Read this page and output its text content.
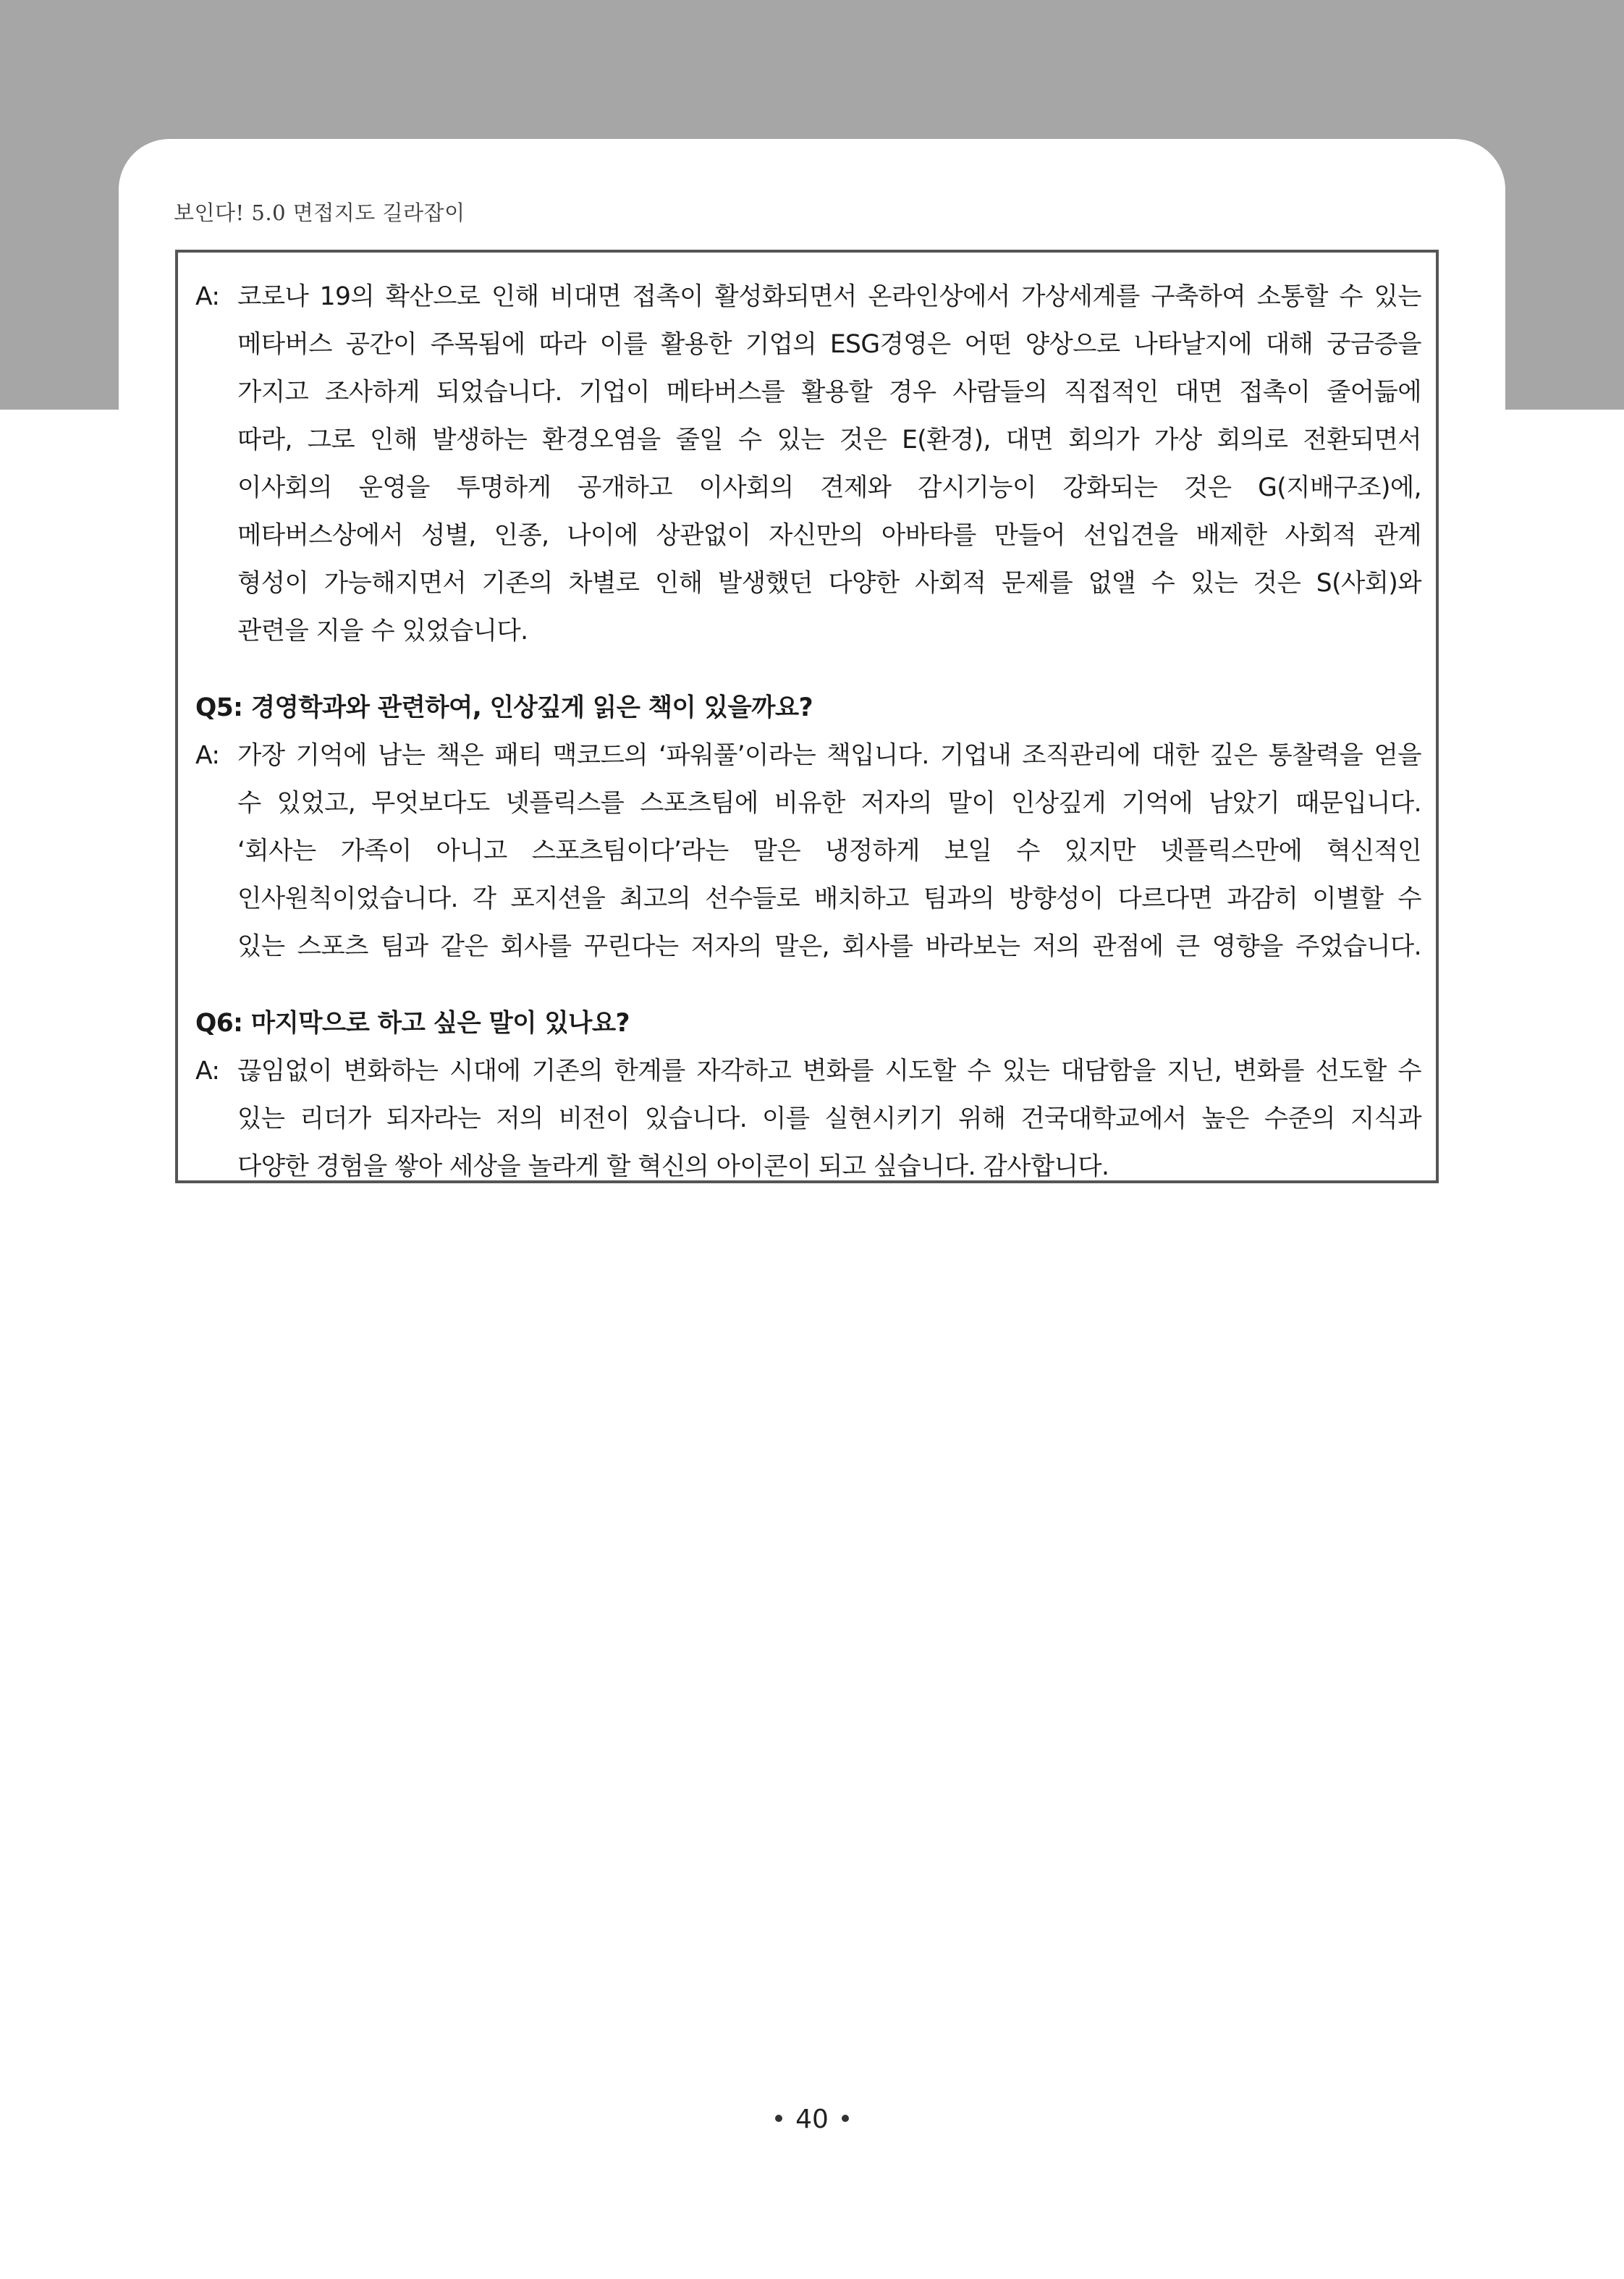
보인다! 5.0 면접지도 길라잡이
A: 코로나 19의 확산으로 인해 비대면 접촉이 활성화되면서 온라인상에서 가상세계를 구축하여 소통할 수 있는
메타버스 공간이 주목됨에 따라 이를 활용한 기업의 ESG경영은 어떤 양상으로 나타날지에 대해 궁금증을
가지고 조사하게 되었습니다. 기업이 메타버스를 활용할 경우 사람들의 직접적인 대면 접촉이 줄어듦에
따라, 그로 인해 발생하는 환경오염을 줄일 수 있는 것은 E(환경), 대면 회의가 가상 회의로 전환되면서
이사회의 운영을 투명하게 공개하고 이사회의 견제와 감시기능이 강화되는 것은 G(지배구조)에,
메타버스상에서 성별, 인종, 나이에 상관없이 자신만의 아바타를 만들어 선입견을 배제한 사회적 관계
형성이 가능해지면서 기존의 차별로 인해 발생했던 다양한 사회적 문제를 없앨 수 있는 것은 S(사회)와
관련을 지을 수 있었습니다.
Q5: 경영학과와 관련하여, 인상깊게 읽은 책이 있을까요?
A: 가장 기억에 남는 책은 패티 맥코드의 ‘파워풀’이라는 책입니다. 기업내 조직관리에 대한 깊은 통찰력을 얻을
수 있었고, 무엇보다도 넷플릭스를 스포츠팀에 비유한 저자의 말이 인상깊게 기억에 남았기 때문입니다.
‘회사는 가족이 아니고 스포츠팀이다’라는 말은 냉정하게 보일 수 있지만 넷플릭스만에 혁신적인
인사원칙이었습니다. 각 포지션을 최고의 선수들로 배치하고 팀과의 방향성이 다르다면 과감히 이별할 수
있는 스포츠 팀과 같은 회사를 꾸린다는 저자의 말은, 회사를 바라보는 저의 관점에 큰 영향을 주었습니다.
Q6: 마지막으로 하고 싶은 말이 있나요?
A: 끊임없이 변화하는 시대에 기존의 한계를 자각하고 변화를 시도할 수 있는 대담함을 지닌, 변화를 선도할 수
있는 리더가 되자라는 저의 비전이 있습니다. 이를 실현시키기 위해 건국대학교에서 높은 수준의 지식과
다양한 경험을 쌓아 세상을 놀라게 할 혁신의 아이콘이 되고 싶습니다. 감사합니다.
40
